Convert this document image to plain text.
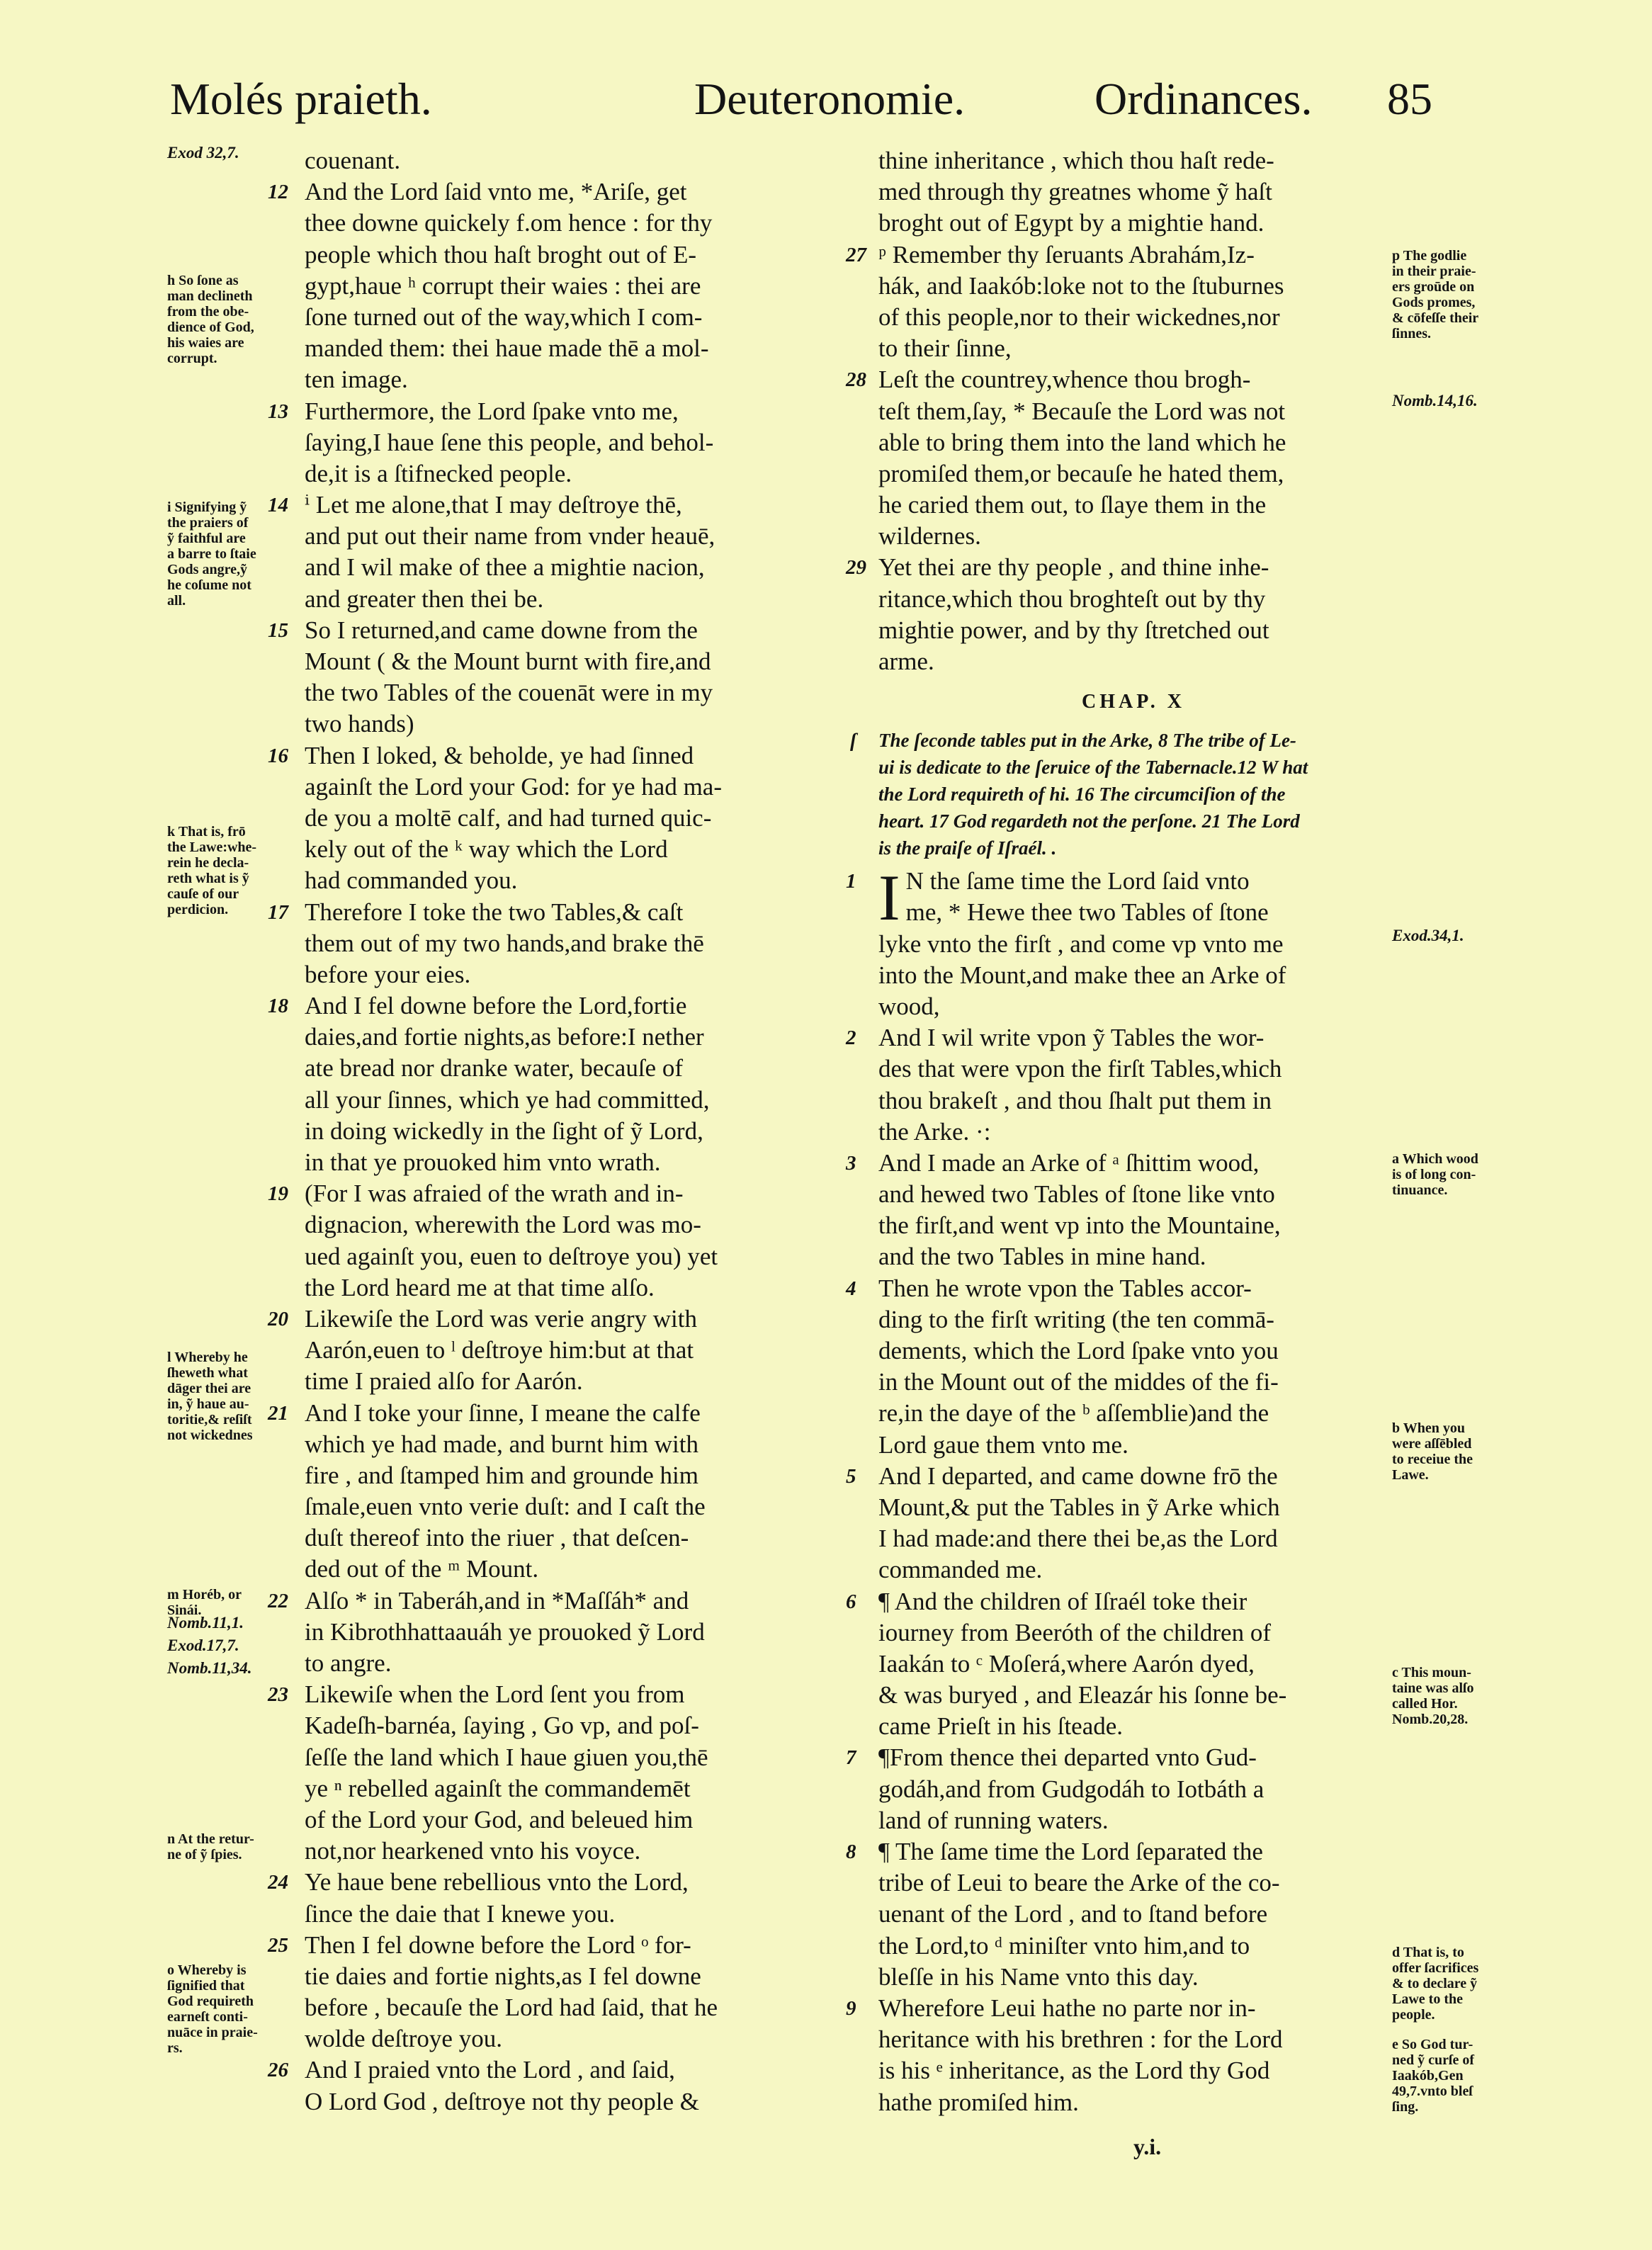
Molés praieth.	Deuteronomie.	Ordinances. 85
couenant.
12 And the Lord ſaid vnto me, *Ariſe, get
thee downe quickely f.om hence : for thy
people which thou haſt broght out of E-
gypt,haue ʰ corrupt their waies : thei are
ſone turned out of the way,which I com-
manded them: thei haue made thē a mol-
ten image.
13 Furthermore, the Lord ſpake vnto me,
ſaying,I haue ſene this people, and behol-
de,it is a ſtifnecked people.
14 ⁱ Let me alone,that I may deſtroye thē,
and put out their name from vnder heauē,
and I wil make of thee a mightie nacion,
and greater then thei be.
15 So I returned,and came downe from the
Mount ( & the Mount burnt with fire,and
the two Tables of the couenāt were in my
two hands)
16 Then I loked, & beholde, ye had ſinned
againſt the Lord your God: for ye had ma-
de you a moltē calf, and had turned quic-
kely out of the ᵏ way which the Lord
had commanded you.
17 Therefore I toke the two Tables,& caſt
them out of my two hands,and brake thē
before your eies.
18 And I fel downe before the Lord,fortie
daies,and fortie nights,as before:I nether
ate bread nor dranke water, becauſe of
all your ſinnes, which ye had committed,
in doing wickedly in the ſight of ỹ Lord,
in that ye prouoked him vnto wrath.
19 (For I was afraied of the wrath and in-
dignacion, wherewith the Lord was mo-
ued againſt you, euen to deſtroye you) yet
the Lord heard me at that time alſo.
20 Likewiſe the Lord was verie angry with
Aarón,euen to ˡ deſtroye him:but at that
time I praied alſo for Aarón.
21 And I toke your ſinne, I meane the calfe
which ye had made, and burnt him with
fire , and ſtamped him and grounde him
ſmale,euen vnto verie duſt: and I caſt the
duſt thereof into the riuer , that deſcen-
ded out of the ᵐ Mount.
22 Alſo * in Taberáh,and in *Maſſáh* and
in Kibrothhattaauáh ye prouoked ỹ Lord
to angre.
23 Likewiſe when the Lord ſent you from
Kadeſh-barnéa, ſaying , Go vp, and poſ-
ſeſſe the land which I haue giuen you,thē
ye ⁿ rebelled againſt the commandemēt
of the Lord your God, and beleued him
not,nor hearkened vnto his voyce.
24 Ye haue bene rebellious vnto the Lord,
ſince the daie that I knewe you.
25 Then I fel downe before the Lord ᵒ for-
tie daies and fortie nights,as I fel downe
before , becauſe the Lord had ſaid, that he
wolde deſtroye you.
26 And I praied vnto the Lord , and ſaid,
O Lord God , deſtroye not thy people &
thine inheritance , which thou haſt rede-
med through thy greatnes whome ỹ haſt
broght out of Egypt by a mightie hand.
27 ᵖ Remember thy ſeruants Abrahám,Iz-
hák, and Iaakób:loke not to the ſtuburnes
of this people,nor to their wickednes,nor
to their ſinne,
28 Leſt the countrey,whence thou brogh-
teſt them,ſay, * Becauſe the Lord was not
able to bring them into the land which he
promiſed them,or becauſe he hated them,
he caried them out, to ſlaye them in the
wildernes.
29 Yet thei are thy people , and thine inhe-
ritance,which thou broghteſt out by thy
mightie power, and by thy ſtretched out
arme.
CHAP. X
ſ The ſeconde tables put in the Arke, 8 The tribe of Le-
ui is dedicate to the ſeruice of the Tabernacle.12 W hat
the Lord requireth of hi. 16 The circumciſion of the
heart. 17 God regardeth not the perſone. 21 The Lord
is the praiſe of Iſraél. .
1 I N the ſame time the Lord ſaid vnto
me, * Hewe thee two Tables of ſtone
lyke vnto the firſt , and come vp vnto me
into the Mount,and make thee an Arke of
wood,
2 And I wil write vpon ỹ Tables the wor-
des that were vpon the firſt Tables,which
thou brakeſt , and thou ſhalt put them in
the Arke. ·:
3 And I made an Arke of ᵃ ſhittim wood,
and hewed two Tables of ſtone like vnto
the firſt,and went vp into the Mountaine,
and the two Tables in mine hand.
4 Then he wrote vpon the Tables accor-
ding to the firſt writing (the ten commā-
dements, which the Lord ſpake vnto you
in the Mount out of the middes of the fi-
re,in the daye of the ᵇ aſſemblie)and the
Lord gaue them vnto me.
5 And I departed, and came downe frō the
Mount,& put the Tables in ỹ Arke which
I had made:and there thei be,as the Lord
commanded me.
6 ¶ And the children of Iſraél toke their
iourney from Beeróth of the children of
Iaakán to ᶜ Moſerá,where Aarón dyed,
& was buryed , and Eleazár his ſonne be-
came Prieſt in his ſteade.
7 ¶From thence thei departed vnto Gud-
godáh,and from Gudgodáh to Iotbáth a
land of running waters.
8 ¶ The ſame time the Lord ſeparated the
tribe of Leui to beare the Arke of the co-
uenant of the Lord , and to ſtand before
the Lord,to ᵈ miniſter vnto him,and to
bleſſe in his Name vnto this day.
9 Wherefore Leui hathe no parte nor in-
heritance with his brethren : for the Lord
is his ᵉ inheritance, as the Lord thy God
hathe promiſed him.
y.i.
Exod 32,7.
h So ſone as
man declineth
from the obe-
dience of God,
his waies are
corrupt.
i Signifying ỹ
the praiers of
ỹ faithful are
a barre to ſtaie
Gods angre,ỹ
he coſume not
all.
k That is, frō
the Lawe:whe-
rein he decla-
reth what is ỹ
cauſe of our
perdicion.
l Whereby he
ſheweth what
dāger thei are
in, ỹ haue au-
toritie,& reſiſt
not wickednes
m Horéb, or
Sinái.
Nomb.11,1.
Exod.17,7.
Nomb.11,34.
n At the retur-
ne of ỹ ſpies.
o Whereby is
ſignified that
God requireth
earneſt conti-
nuāce in praie-
rs.
p The godlie
in their praie-
ers groūde on
Gods promes,
& cōfeſſe their
ſinnes.
Nomb.14,16.
Exod.34,1.
a Which wood
is of long con-
tinuance.
b When you
were aſſēbled
to receiue the
Lawe.
c This moun-
taine was alſo
called Hor.
Nomb.20,28.
d That is, to
offer ſacrifices
& to declare ỹ
Lawe to the
people.
e So God tur-
ned ỹ curſe of
Iaakób,Gen
49,7.vnto bleſ
ſing.
